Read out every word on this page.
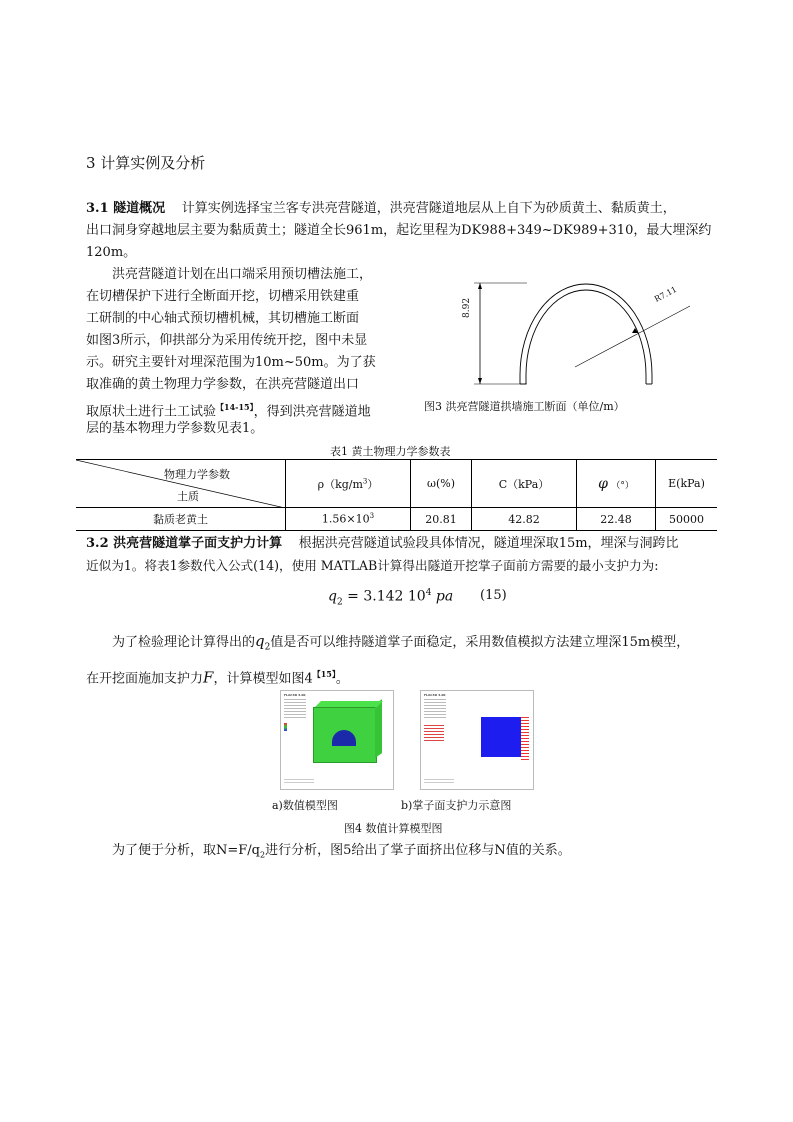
3 计算实例及分析
3.1 隧道概况 计算实例选择宝兰客专洪亮营隧道，洪亮营隧道地层从上自下为砂质黄土、黏质黄土，
出口洞身穿越地层主要为黏质黄土；隧道全长961m，起讫里程为DK988+349~DK989+310，最大埋深约
120m。
洪亮营隧道计划在出口端采用预切槽法施工，
在切槽保护下进行全断面开挖，切槽采用铁建重
工研制的中心轴式预切槽机械，其切槽施工断面
如图3所示，仰拱部分为采用传统开挖，图中未显
示。研究主要针对埋深范围为10m~50m。为了获
取准确的黄土物理力学参数，在洪亮营隧道出口
取原状土进行土工试验$^{【14-15】}$，得到洪亮营隧道地
层的基本物理力学参数见表1。
8.92
R7.11
图3 洪亮营隧道拱墙施工断面（单位/m）
表1 黄土物理力学参数表
物理力学参数
土质	$\rho(kg/m^3)$	ω(%)	C（kPa）	φ （°）	E(kPa)
黏质老黄土	$1.56\times 10^3$	20.81	42.82	22.48	50000
3.2 洪亮营隧道掌子面支护力计算 根据洪亮营隧道试验段具体情况，隧道埋深取15m，埋深与洞跨比
近似为1。将表1参数代入公式(14)，使用 MATLAB计算得出隧道开挖掌子面前方需要的最小支护力为:
$q_2 = 3.142$ $10^4$ pa (15)
为了检验理论计算得出的$q_2$值是否可以维持隧道掌子面稳定，采用数值模拟方法建立埋深15m模型，
在开挖面施加支护力F，计算模型如图$4^{【15】}$。
FLAC3D 3.00	FLAC3D 3.00
a)数值模型图	b)掌子面支护力示意图
图4 数值计算模型图
为了便于分析，取$N=F/q_2$进行分析，图5给出了掌子面挤出位移与N值的关系。
